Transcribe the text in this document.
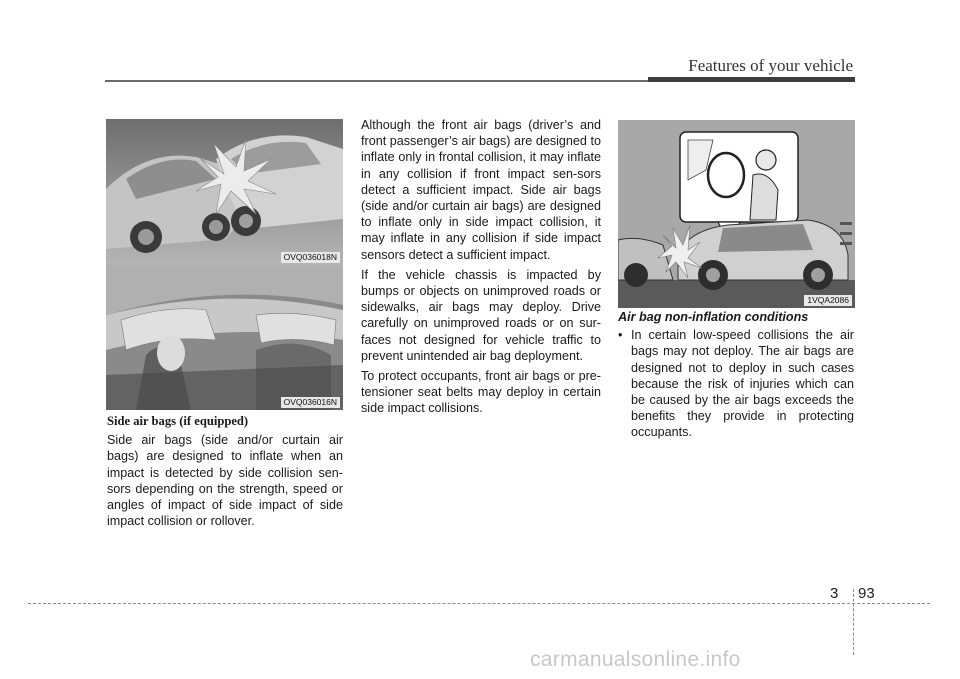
Features of your vehicle
OVQ036018N
OVQ036016N
1VQA2086
Side air bags (if equipped)

Side air bags (side and/or curtain air bags) are designed to inflate when an impact is detected by side collision sen-sors depending on the strength, speed or angles of impact of side impact of side impact collision or rollover.

Although the front air bags (driver’s and front passenger’s air bags) are designed to inflate only in frontal collision, it may inflate in any collision if front impact sen-sors detect a sufficient impact. Side air bags (side and/or curtain air bags) are designed to inflate only in side impact collision, it may inflate in any collision if side impact sensors detect a sufficient impact.

If the vehicle chassis is impacted by bumps or objects on unimproved roads or sidewalks, air bags may deploy. Drive carefully on unimproved roads or on sur-faces not designed for vehicle traffic to prevent unintended air bag deployment.

To protect occupants, front air bags or pre-tensioner seat belts may deploy in certain side impact collisions.

Air bag non-inflation conditions
• In certain low-speed collisions the air bags may not deploy. The air bags are designed not to deploy in such cases because the risk of injuries which can be caused by the air bags exceeds the benefits they provide in protecting occupants.
3 93
carmanualsonline.info
